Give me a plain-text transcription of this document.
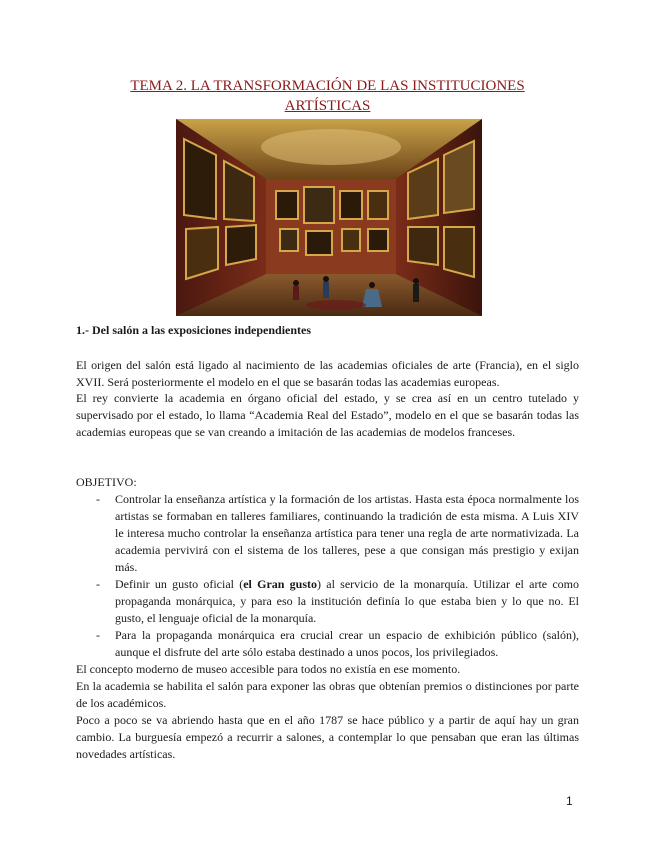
TEMA 2. LA TRANSFORMACIÓN DE LAS INSTITUCIONES ARTÍSTICAS
1.- Del salón a las exposiciones independientes

El origen del salón está ligado al nacimiento de las academias oficiales de arte (Francia), en el siglo XVII. Será posteriormente el modelo en el que se basarán todas las academias europeas.

El rey convierte la academia en órgano oficial del estado, y se crea así en un centro tutelado y supervisado por el estado, lo llama “Academia Real del Estado”, modelo en el que se basarán todas las academias europeas que se van creando a imitación de las academias de modelos franceses.

OBJETIVO:

- Controlar la enseñanza artística y la formación de los artistas. Hasta esta época normalmente los artistas se formaban en talleres familiares, continuando la tradición de esta misma. A Luis XIV le interesa mucho controlar la enseñanza artística para tener una regla de arte normativizada. La academia pervivirá con el sistema de los talleres, pese a que consigan más prestigio y exijan más.
- Definir un gusto oficial (el Gran gusto) al servicio de la monarquía. Utilizar el arte como propaganda monárquica, y para eso la institución definía lo que estaba bien y lo que no. El gusto, el lenguaje oficial de la monarquía.
- Para la propaganda monárquica era crucial crear un espacio de exhibición público (salón), aunque el disfrute del arte sólo estaba destinado a unos pocos, los privilegiados.

El concepto moderno de museo accesible para todos no existía en ese momento.

En la academia se habilita el salón para exponer las obras que obtenían premios o distinciones por parte de los académicos.

Poco a poco se va abriendo hasta que en el año 1787 se hace público y a partir de aquí hay un gran cambio. La burguesía empezó a recurrir a salones, a contemplar lo que pensaban que eran las últimas novedades artísticas.

1
